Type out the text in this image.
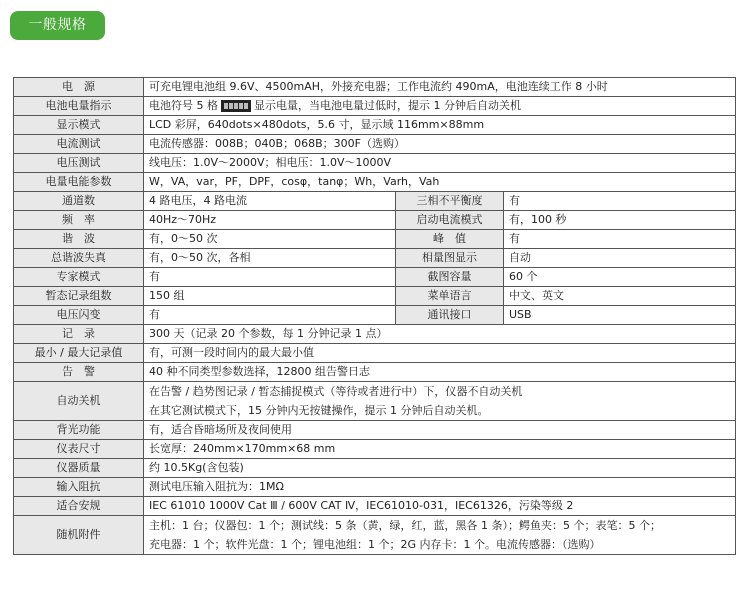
一般规格
电　源	可充电锂电池组 9.6V、4500mAH，外接充电器；工作电流约 490mA，电池连续工作 8 小时		
电池电量指示	电池符号 5 格 显示电量，当电池电量过低时，提示 1 分钟后自动关机		
显示模式	LCD 彩屏，640dots×480dots，5.6 寸，显示域 116mm×88mm		
电流测试	电流传感器：008B；040B；068B；300F（选购）		
电压测试	线电压：1.0V～2000V；相电压：1.0V～1000V		
电量电能参数	W，VA，var，PF，DPF，cosφ，tanφ；Wh，Varh，Vah		
通道数	4 路电压，4 路电流	三相不平衡度	有
频　率	40Hz～70Hz	启动电流模式	有，100 秒
谐　波	有，0～50 次	峰　值	有
总谐波失真	有，0～50 次，各相	相量图显示	自动
专家模式	有	截图容量	60 个
暂态记录组数	150 组	菜单语言	中文、英文
电压闪变	有	通讯接口	USB
记　录	300 天（记录 20 个参数，每 1 分钟记录 1 点）		
最小 / 最大记录值	有，可测一段时间内的最大最小值		
告　警	40 种不同类型参数选择，12800 组告警日志		
自动关机	在告警 / 趋势图记录 / 暂态捕捉模式（等待或者进行中）下，仪器不自动关机
在其它测试模式下，15 分钟内无按键操作，提示 1 分钟后自动关机。		

背光功能	有，适合昏暗场所及夜间使用		
仪表尺寸	长宽厚：240mm×170mm×68 mm		
仪器质量	约 10.5Kg(含包装)		
输入阻抗	测试电压输入阻抗为：1MΩ		
适合安规	IEC 61010 1000V Cat Ⅲ / 600V CAT Ⅳ，IEC61010-031，IEC61326，污染等级 2		
随机附件	主机：1 台；仪器包：1 个；测试线：5 条（黄，绿，红，蓝，黑各 1 条）；鳄鱼夹：5 个；表笔：5 个；
充电器：1 个；软件光盘：1 个；锂电池组：1 个；2G 内存卡：1 个。电流传感器：（选购）		
